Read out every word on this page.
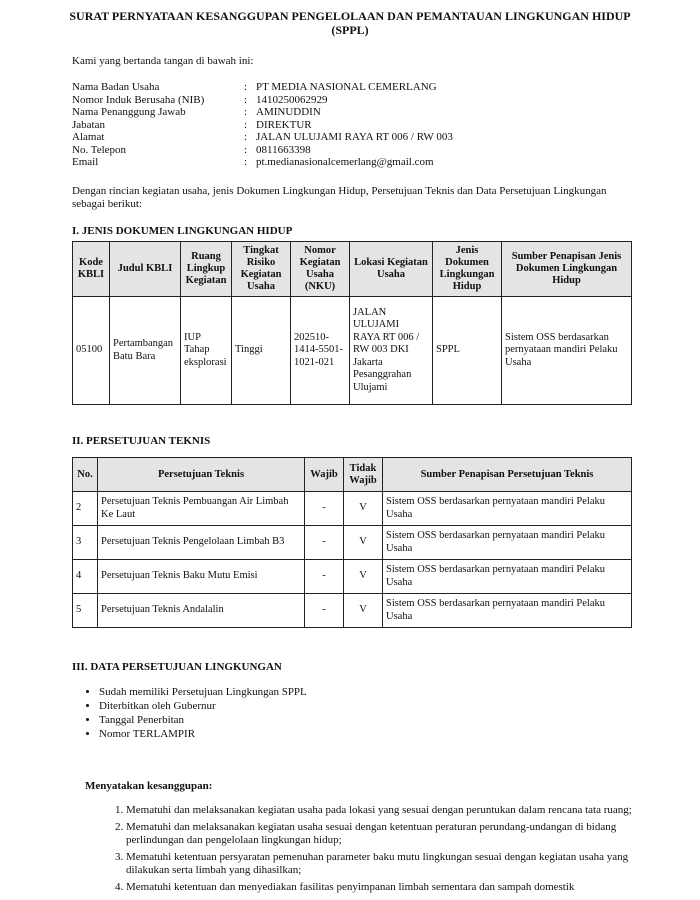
SURAT PERNYATAAN KESANGGUPAN PENGELOLAAN DAN PEMANTAUAN LINGKUNGAN HIDUP (SPPL)

Kami yang bertanda tangan di bawah ini:

Nama Badan Usaha	:	PT MEDIA NASIONAL CEMERLANG
Nomor Induk Berusaha (NIB)	:	1410250062929
Nama Penanggung Jawab	:	AMINUDDIN
Jabatan	:	DIREKTUR
Alamat	:	JALAN ULUJAMI RAYA RT 006 / RW 003
No. Telepon	:	0811663398
Email	:	pt.medianasionalcemerlang@gmail.com

Dengan rincian kegiatan usaha, jenis Dokumen Lingkungan Hidup, Persetujuan Teknis dan Data Persetujuan Lingkungan sebagai berikut:

I. JENIS DOKUMEN LINGKUNGAN HIDUP

Kode KBLI	Judul KBLI	Ruang Lingkup Kegiatan	Tingkat Risiko Kegiatan Usaha	Nomor Kegiatan Usaha (NKU)	Lokasi Kegiatan Usaha	Jenis Dokumen Lingkungan Hidup	Sumber Penapisan Jenis Dokumen Lingkungan Hidup
05100	Pertambangan Batu Bara	IUP Tahap eksplorasi	Tinggi	202510-1414-5501-1021-021	JALAN ULUJAMI RAYA RT 006 / RW 003 DKI Jakarta Pesanggrahan Ulujami	SPPL	Sistem OSS berdasarkan pernyataan mandiri Pelaku Usaha

II. PERSETUJUAN TEKNIS

No.	Persetujuan Teknis	Wajib	Tidak Wajib	Sumber Penapisan Persetujuan Teknis
2	Persetujuan Teknis Pembuangan Air Limbah Ke Laut	-	V	Sistem OSS berdasarkan pernyataan mandiri Pelaku Usaha
3	Persetujuan Teknis Pengelolaan Limbah B3	-	V	Sistem OSS berdasarkan pernyataan mandiri Pelaku Usaha
4	Persetujuan Teknis Baku Mutu Emisi	-	V	Sistem OSS berdasarkan pernyataan mandiri Pelaku Usaha
5	Persetujuan Teknis Andalalin	-	V	Sistem OSS berdasarkan pernyataan mandiri Pelaku Usaha

III. DATA PERSETUJUAN LINGKUNGAN

• Sudah memiliki Persetujuan Lingkungan SPPL
• Diterbitkan oleh Gubernur
• Tanggal Penerbitan
• Nomor TERLAMPIR

Menyatakan kesanggupan:

1. Mematuhi dan melaksanakan kegiatan usaha pada lokasi yang sesuai dengan peruntukan dalam rencana tata ruang;
2. Mematuhi dan melaksanakan kegiatan usaha sesuai dengan ketentuan peraturan perundang-undangan di bidang perlindungan dan pengelolaan lingkungan hidup;
3. Mematuhi ketentuan persyaratan pemenuhan parameter baku mutu lingkungan sesuai dengan kegiatan usaha yang dilakukan serta limbah yang dihasilkan;
4. Mematuhi ketentuan dan menyediakan fasilitas penyimpanan limbah sementara dan sampah domestik
